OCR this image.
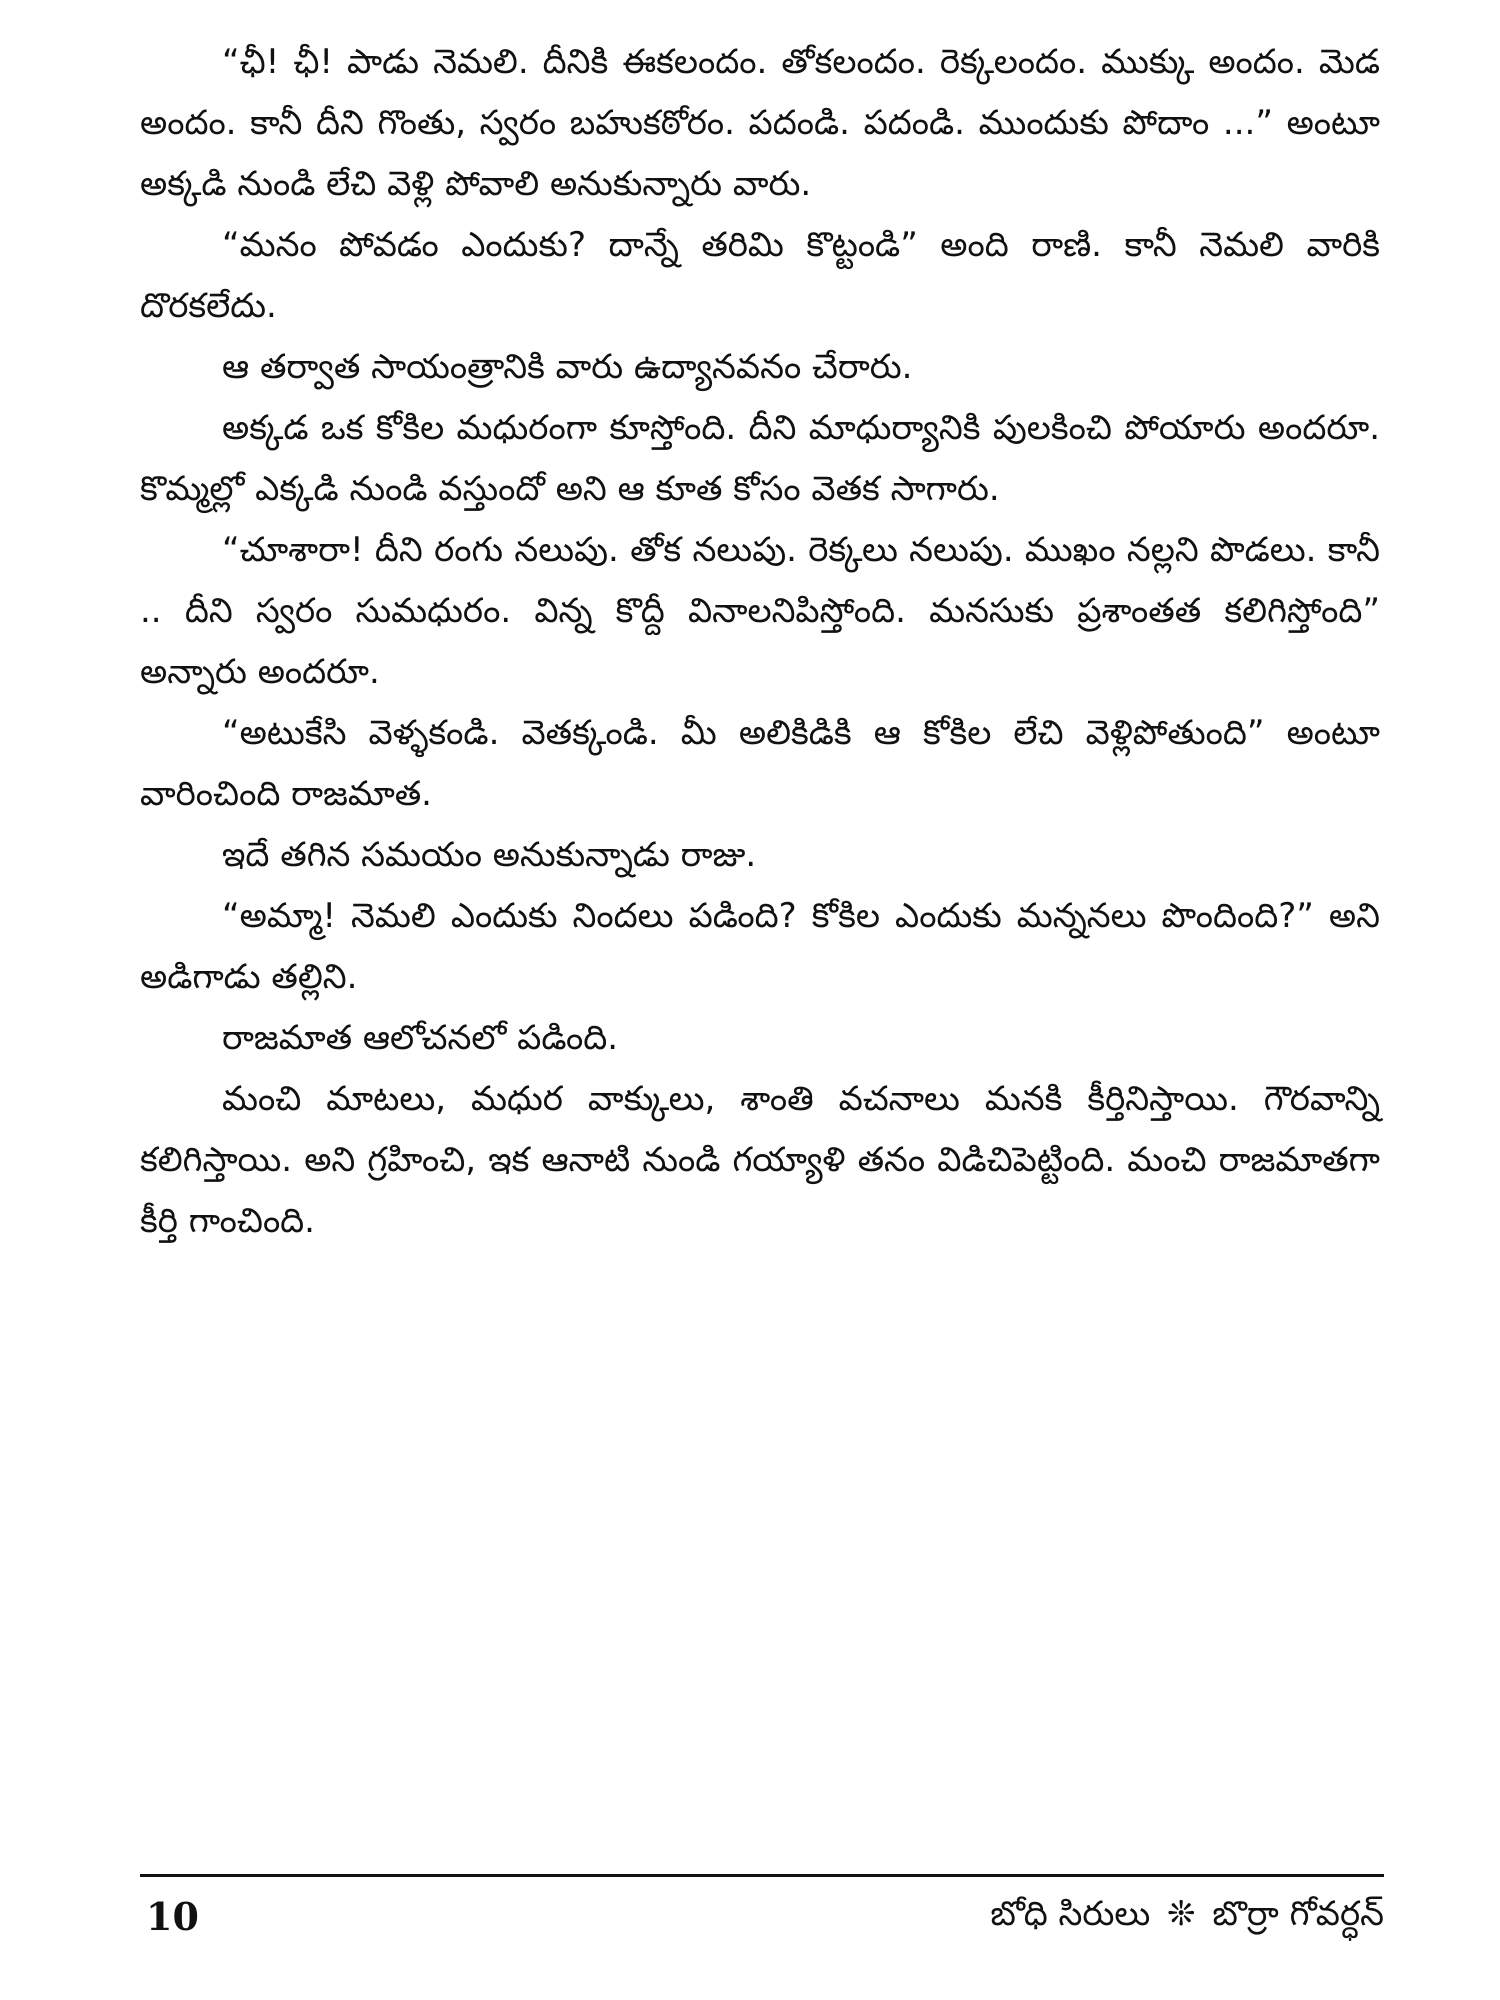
“ఛీ! ఛీ! పాడు నెమలి. దీనికి ఈకలందం. తోకలందం. రెక్కలందం. ముక్కు అందం. మెడ అందం. కానీ దీని గొంతు, స్వరం బహుకఠోరం. పదండి. పదండి. ముందుకు పోదాం ...” అంటూ అక్కడి నుండి లేచి వెళ్లి పోవాలి అనుకున్నారు వారు.

“మనం పోవడం ఎందుకు? దాన్నే తరిమి కొట్టండి” అంది రాణి. కానీ నెమలి వారికి దొరకలేదు.

ఆ తర్వాత సాయంత్రానికి వారు ఉద్యానవనం చేరారు.

అక్కడ ఒక కోకిల మధురంగా కూస్తోంది. దీని మాధుర్యానికి పులకించి పోయారు అందరూ. కొమ్మల్లో ఎక్కడి నుండి వస్తుందో అని ఆ కూత కోసం వెతక సాగారు.

“చూశారా! దీని రంగు నలుపు. తోక నలుపు. రెక్కలు నలుపు. ముఖం నల్లని పొడలు. కానీ .. దీని స్వరం సుమధురం. విన్న కొద్దీ వినాలనిపిస్తోంది. మనసుకు ప్రశాంతత కలిగిస్తోంది” అన్నారు అందరూ.

“అటుకేసి వెళ్ళకండి. వెతక్కండి. మీ అలికిడికి ఆ కోకిల లేచి వెళ్లిపోతుంది” అంటూ వారించింది రాజమాత.

ఇదే తగిన సమయం అనుకున్నాడు రాజు.

“అమ్మా! నెమలి ఎందుకు నిందలు పడింది? కోకిల ఎందుకు మన్ననలు పొందింది?” అని అడిగాడు తల్లిని.

రాజమాత ఆలోచనలో పడింది.

మంచి మాటలు, మధుర వాక్కులు, శాంతి వచనాలు మనకి కీర్తినిస్తాయి. గౌరవాన్ని కలిగిస్తాయి. అని గ్రహించి, ఇక ఆనాటి నుండి గయ్యాళి తనం విడిచిపెట్టింది. మంచి రాజమాతగా కీర్తి గాంచింది.

10	బోధి సిరులు ❊ బొర్రా గోవర్ధన్
